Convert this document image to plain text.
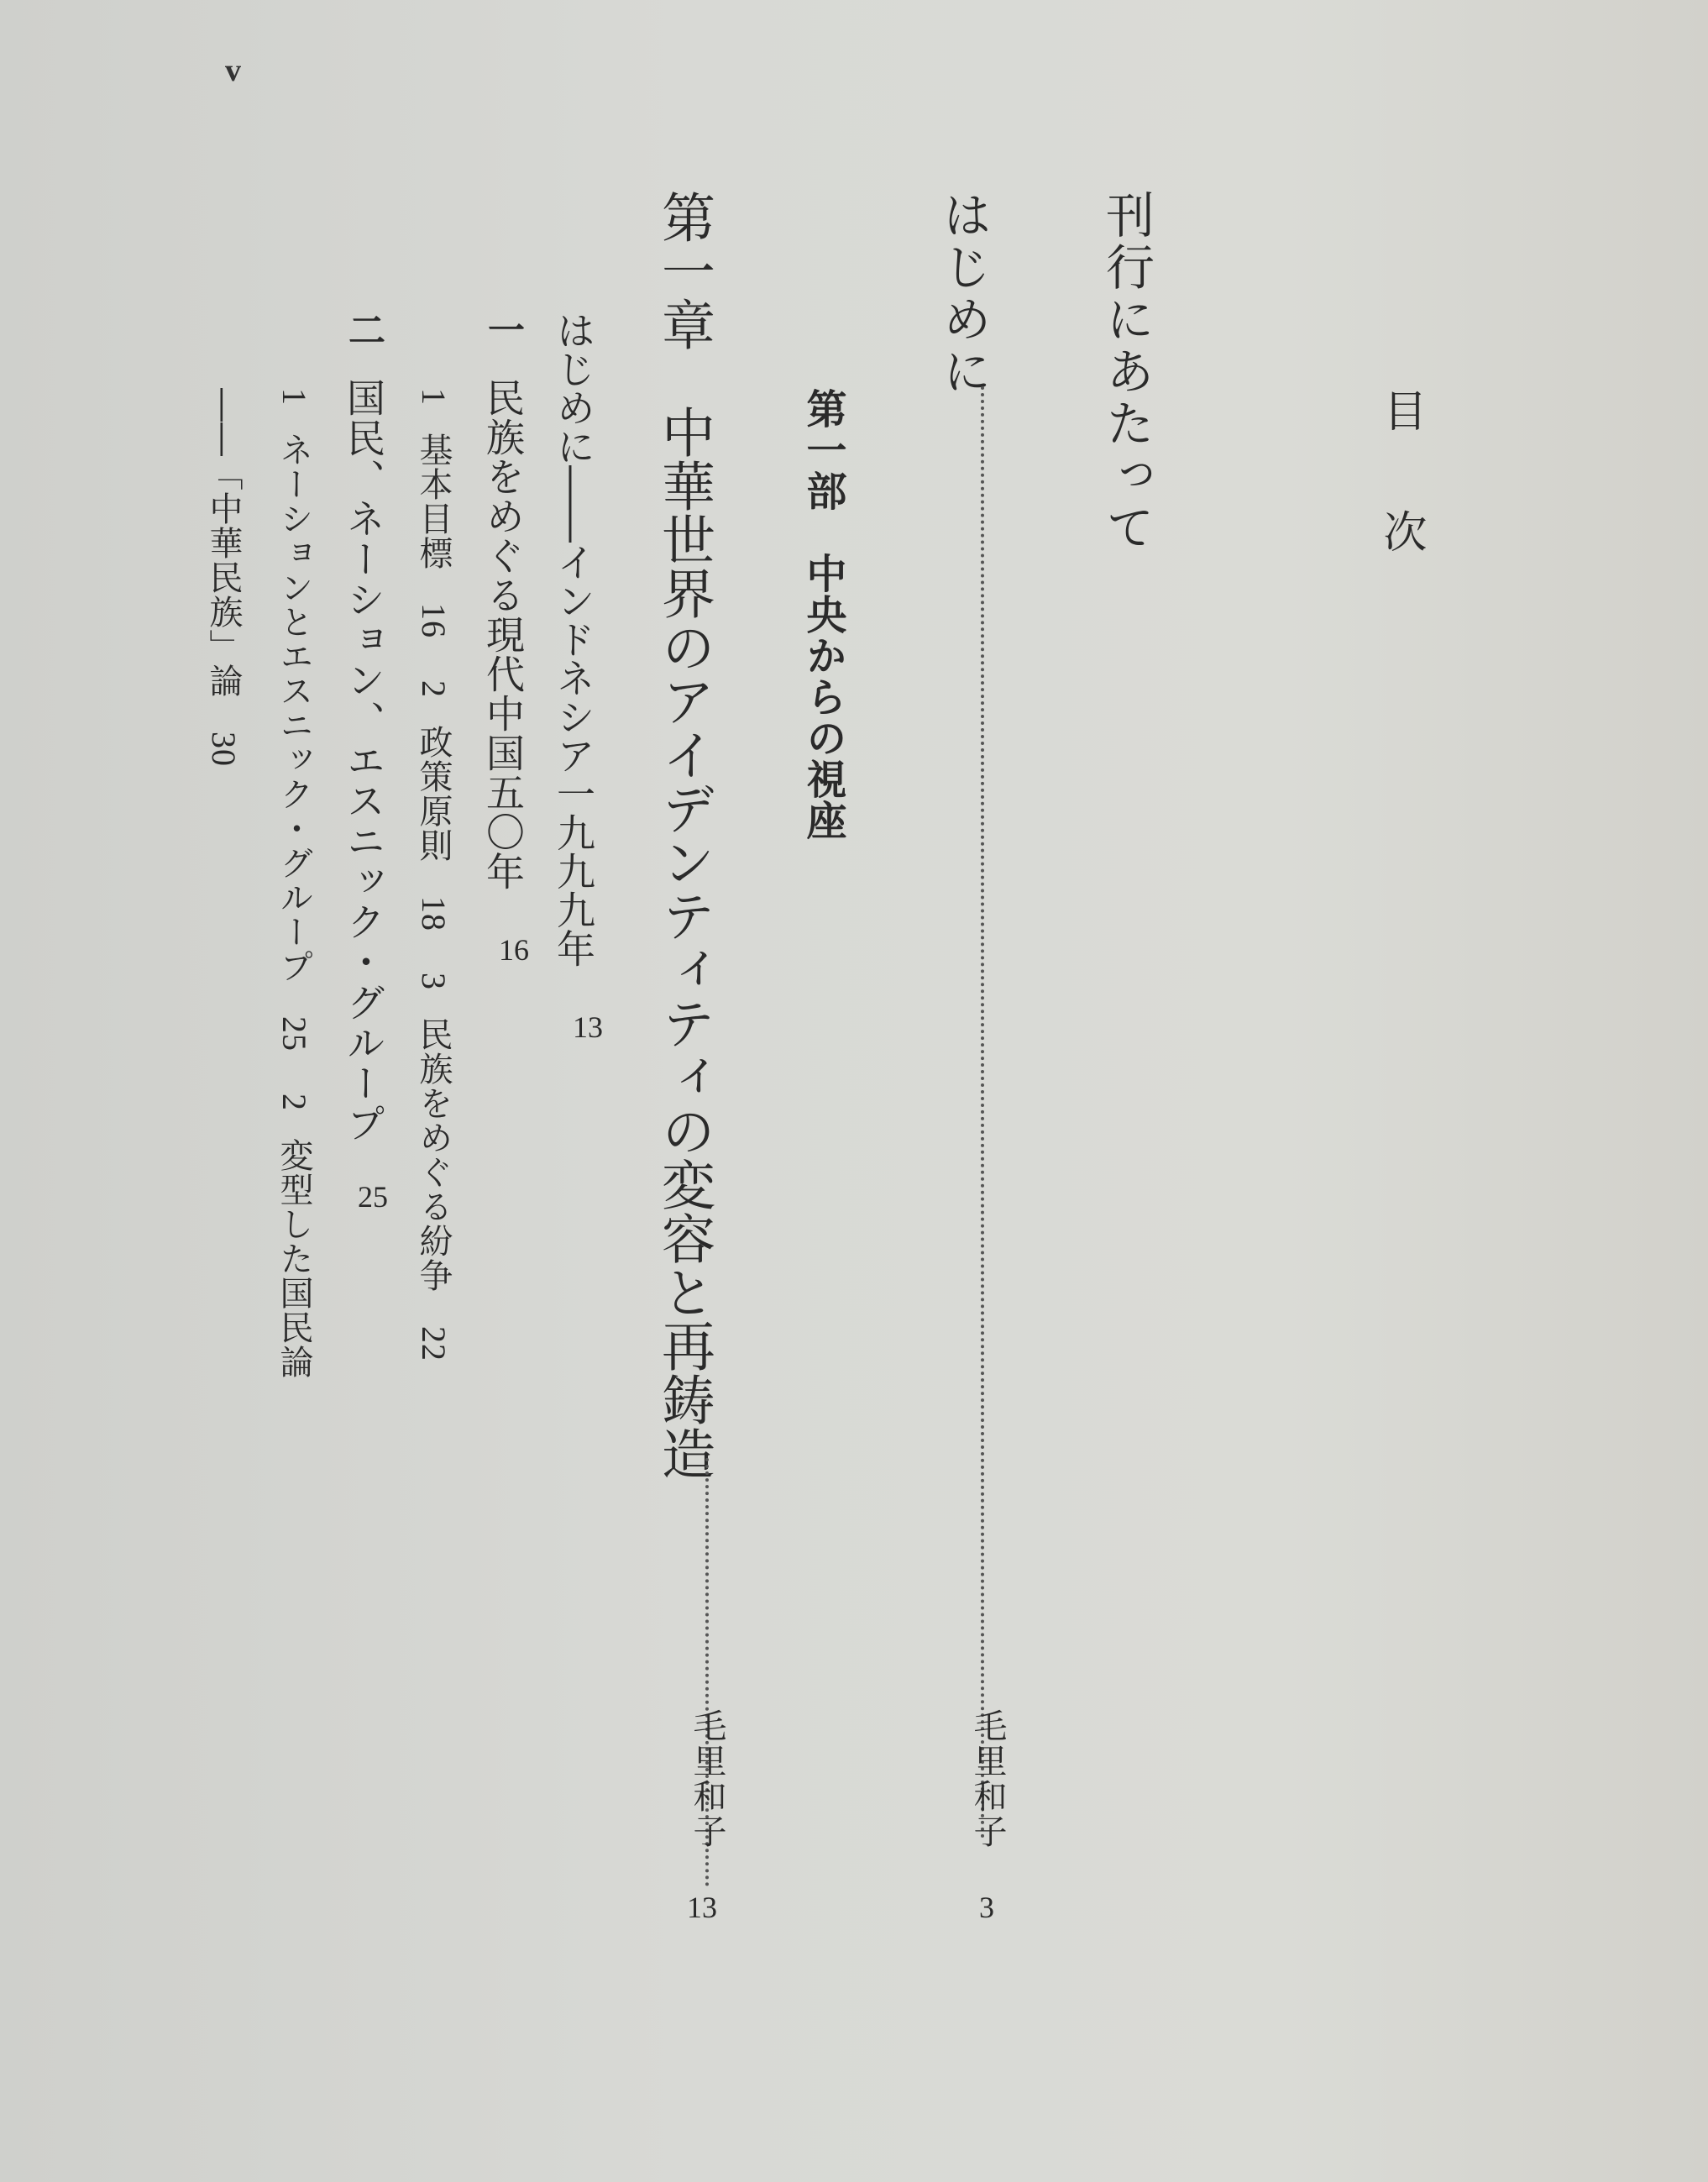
v
目　次
刊行にあたって
はじめに
毛里和子
3
第一部　中央からの視座
第一章　中華世界のアイデンティティの変容と再鋳造
毛里和子
13
はじめに――インドネシア一九九九年
13
一
民族をめぐる現代中国五〇年
16
1 基本目標 16 2 政策原則 18 3 民族をめぐる紛争 22
二
国民、ネーション、エスニック・グループ
25
1 ネーションとエスニック・グループ 25 2 変型した国民論
――「中華民族」論 30
